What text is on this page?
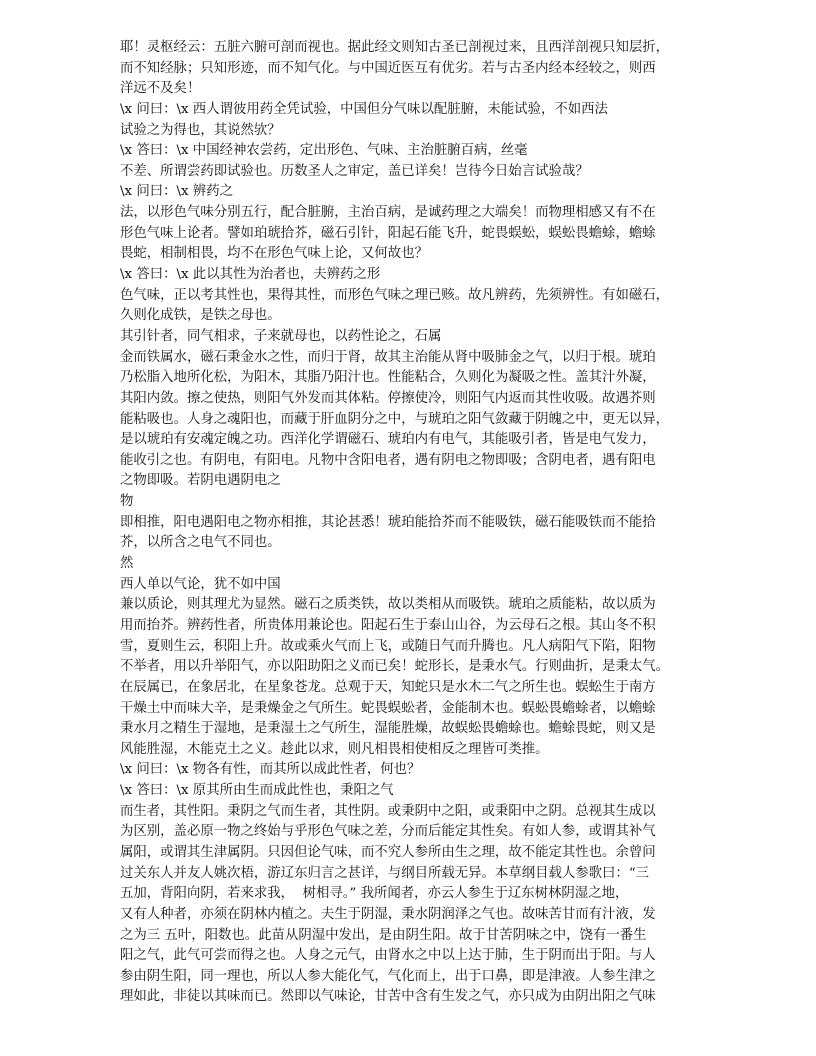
耶！灵枢经云：五脏六腑可剖而视也。据此经文则知古圣已剖视过来，且西洋剖视只知层折，
而不知经脉；只知形迹，而不知气化。与中国近医互有优劣。若与古圣内经本经较之，则西
洋远不及矣！
\x 问曰：\x 西人谓彼用药全凭试验，中国但分气味以配脏腑，未能试验，不如西法
试验之为得也，其说然欤？
\x 答曰：\x 中国经神农尝药，定出形色、气味、主治脏腑百病，丝毫
不差、所谓尝药即试验也。历数圣人之审定，盖已详矣！岂待今日始言试验哉？
\x 问曰：\x 辨药之
法，以形色气味分别五行，配合脏腑，主治百病，是诚药理之大端矣！而物理相感又有不在
形色气味上论者。譬如珀琥拾芥，磁石引针，阳起石能飞升，蛇畏蜈蚣，蜈蚣畏蟾蜍，蟾蜍
畏蛇，相制相畏，均不在形色气味上论，又何故也？
\x 答曰：\x 此以其性为治者也，夫辨药之形
色气味，正以考其性也，果得其性，而形色气味之理已赅。故凡辨药，先须辨性。有如磁石，
久则化成铁，是铁之母也。
其引针者，同气相求，子来就母也，以药性论之，石属
金而铁属水，磁石秉金水之性，而归于肾，故其主治能从肾中吸肺金之气，以归于根。琥珀
乃松脂入地所化松，为阳木，其脂乃阳汁也。性能粘合，久则化为凝吸之性。盖其汁外凝，
其阳内敛。擦之使热，则阳气外发而其体粘。停擦使冷，则阳气内返而其性收吸。故遇芥则
能粘吸也。人身之魂阳也，而藏于肝血阴分之中，与琥珀之阳气敛藏于阴魄之中，更无以异，
是以琥珀有安魂定魄之功。西洋化学谓磁石、琥珀内有电气，其能吸引者，皆是电气发力，
能收引之也。有阴电，有阳电。凡物中含阳电者，遇有阴电之物即吸；含阴电者，遇有阳电
之物即吸。若阴电遇阴电之
物
即相推，阳电遇阳电之物亦相推，其论甚悉！琥珀能拾芥而不能吸铁，磁石能吸铁而不能拾
芥，以所含之电气不同也。
然
西人单以气论，犹不如中国
兼以质论，则其理尤为显然。磁石之质类铁，故以类相从而吸铁。琥珀之质能粘，故以质为
用而抬芥。辨药性者，所贵体用兼论也。阳起石生于泰山山谷，为云母石之根。其山冬不积
雪，夏则生云，积阳上升。故或乘火气而上飞，或随日气而升腾也。凡人病阳气下陷，阳物
不举者，用以升举阳气，亦以阳助阳之义而已矣！蛇形长，是秉水气。行则曲折，是秉太气。
在辰属已，在象居北，在星象苍龙。总观于天，知蛇只是水木二气之所生也。蜈蚣生于南方
干燥土中而味大辛，是秉燥金之气所生。蛇畏蜈蚣者，金能制木也。蜈蚣畏蟾蜍者，以蟾蜍
秉水月之精生于湿地，是秉湿土之气所生，湿能胜燥，故蜈蚣畏蟾蜍也。蟾蜍畏蛇，则又是
风能胜湿，木能克土之义。趁此以求，则凡相畏相使相反之理皆可类推。
\x 问曰：\x 物各有性，而其所以成此性者，何也？
\x 答曰：\x 原其所由生而成此性也，秉阳之气
而生者，其性阳。秉阴之气而生者，其性阴。或秉阴中之阳，或秉阳中之阴。总视其生成以
为区别，盖必原一物之终始与乎形色气味之差，分而后能定其性矣。有如人参，或谓其补气
属阳，或谓其生津属阴。只因但论气味，而不究人参所由生之理，故不能定其性也。余曾问
过关东人并友人姚次梧，游辽东归言之甚详，与纲目所载无异。本草纲目载人参歌曰：“三
五加，背阳向阴，若来求我，  树相寻。” 我所闻者，亦云人参生于辽东树林阴湿之地，
又有人种者，亦须在阴林内植之。夫生于阴湿，秉水阴润泽之气也。故味苦甘而有汁液，发
之为三 五叶，阳数也。此苗从阴湿中发出，是由阴生阳。故于甘苦阴味之中，饶有一番生
阳之气，此气可尝而得之也。人身之元气，由肾水之中以上达于肺，生于阴而出于阳。与人
参由阴生阳，同一理也，所以人参大能化气，气化而上，出于口鼻，即是津液。人参生津之
理如此，非徒以其味而已。然即以气味论，甘苦中含有生发之气，亦只成为由阴出阳之气味
